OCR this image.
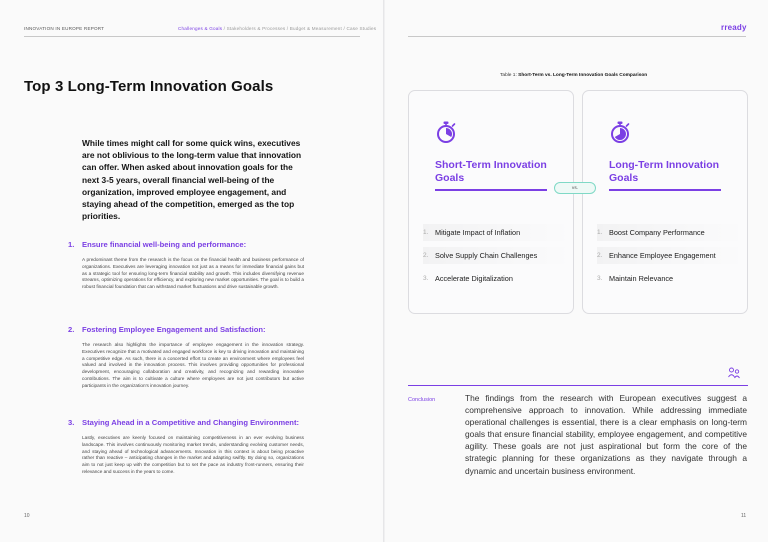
INNOVATION IN EUROPE REPORT	Challenges & Goals / Stakeholders & Processes / Budget & Measurement / Case Studies	rready
Top 3 Long-Term Innovation Goals

While times might call for some quick wins, executives are not oblivious to the long-term value that innovation can offer. When asked about innovation goals for the next 3-5 years, overall financial well-being of the organization, improved employee engagement, and staying ahead of the competition, emerged as the top priorities.

1. Ensure financial well-being and performance:

A predominant theme from the research is the focus on the financial health and business performance of organizations. Executives are leveraging innovation not just as a means for immediate financial gains but as a strategic tool for ensuring long-term financial stability and growth. This includes diversifying revenue streams, optimizing operations for efficiency, and exploring new market opportunities. The goal is to build a robust financial foundation that can withstand market fluctuations and drive sustainable growth.

2. Fostering Employee Engagement and Satisfaction:

The research also highlights the importance of employee engagement in the innovation strategy. Executives recognize that a motivated and engaged workforce is key to driving innovation and maintaining a competitive edge. As such, there is a concerted effort to create an environment where employees feel valued and involved in the innovation process. This involves providing opportunities for professional development, encouraging collaboration and creativity, and recognizing and rewarding innovative contributions. The aim is to cultivate a culture where employees are not just contributors but active participants in the organization's innovation journey.

3. Staying Ahead in a Competitive and Changing Environment:

Lastly, executives are keenly focused on maintaining competitiveness in an ever evolving business landscape. This involves continuously monitoring market trends, understanding evolving customer needs, and staying ahead of technological advancements. Innovation in this context is about being proactive rather than reactive – anticipating changes in the market and adapting swiftly. By doing so, organizations aim to not just keep up with the competition but to set the pace as industry front-runners, ensuring their relevance and success in the years to come.

10
Table 1: Short-Term vs. Long-Term Innovation Goals Comparison
Short-Term Innovation Goals
1. Mitigate Impact of Inflation
2. Solve Supply Chain Challenges
3. Accelerate Digitalization
Long-Term Innovation Goals
1. Boost Company Performance
2. Enhance Employee Engagement
3. Maintain Relevance
vs.
Conclusion	The findings from the research with European executives suggest a comprehensive approach to innovation. While addressing immediate operational challenges is essential, there is a clear emphasis on long-term goals that ensure financial stability, employee engagement, and competitive agility. These goals are not just aspirational but form the core of the strategic planning for these organizations as they navigate through a dynamic and uncertain business environment.

11
